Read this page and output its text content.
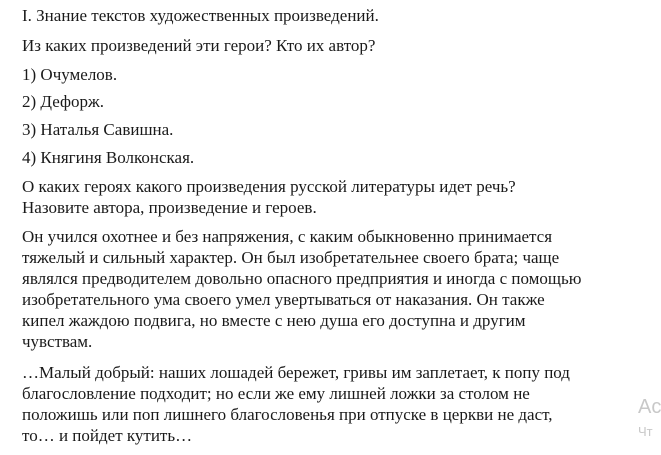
I. Знание текстов художественных произведений.

Из каких произведений эти герои? Кто их автор?

1) Очумелов.

2) Дефорж.

3) Наталья Савишна.

4) Княгиня Волконская.

О каких героях какого произведения русской литературы идет речь?
Назовите автора, произведение и героев.
Он учился охотнее и без напряжения, с каким обыкновенно принимается
тяжелый и сильный характер. Он был изобретательнее своего брата; чаще
являлся предводителем довольно опасного предприятия и иногда с помощью
изобретательного ума своего умел увертываться от наказания. Он также
кипел жаждою подвига, но вместе с нею душа его доступна и другим
чувствам.
…Малый добрый: наших лошадей бережет, гривы им заплетает, к попу под
благословление подходит; но если же ему лишней ложки за столом не
положишь или поп лишнего благословенья при отпуске в церкви не даст,
то… и пойдет кутить…
Ac
Чт
